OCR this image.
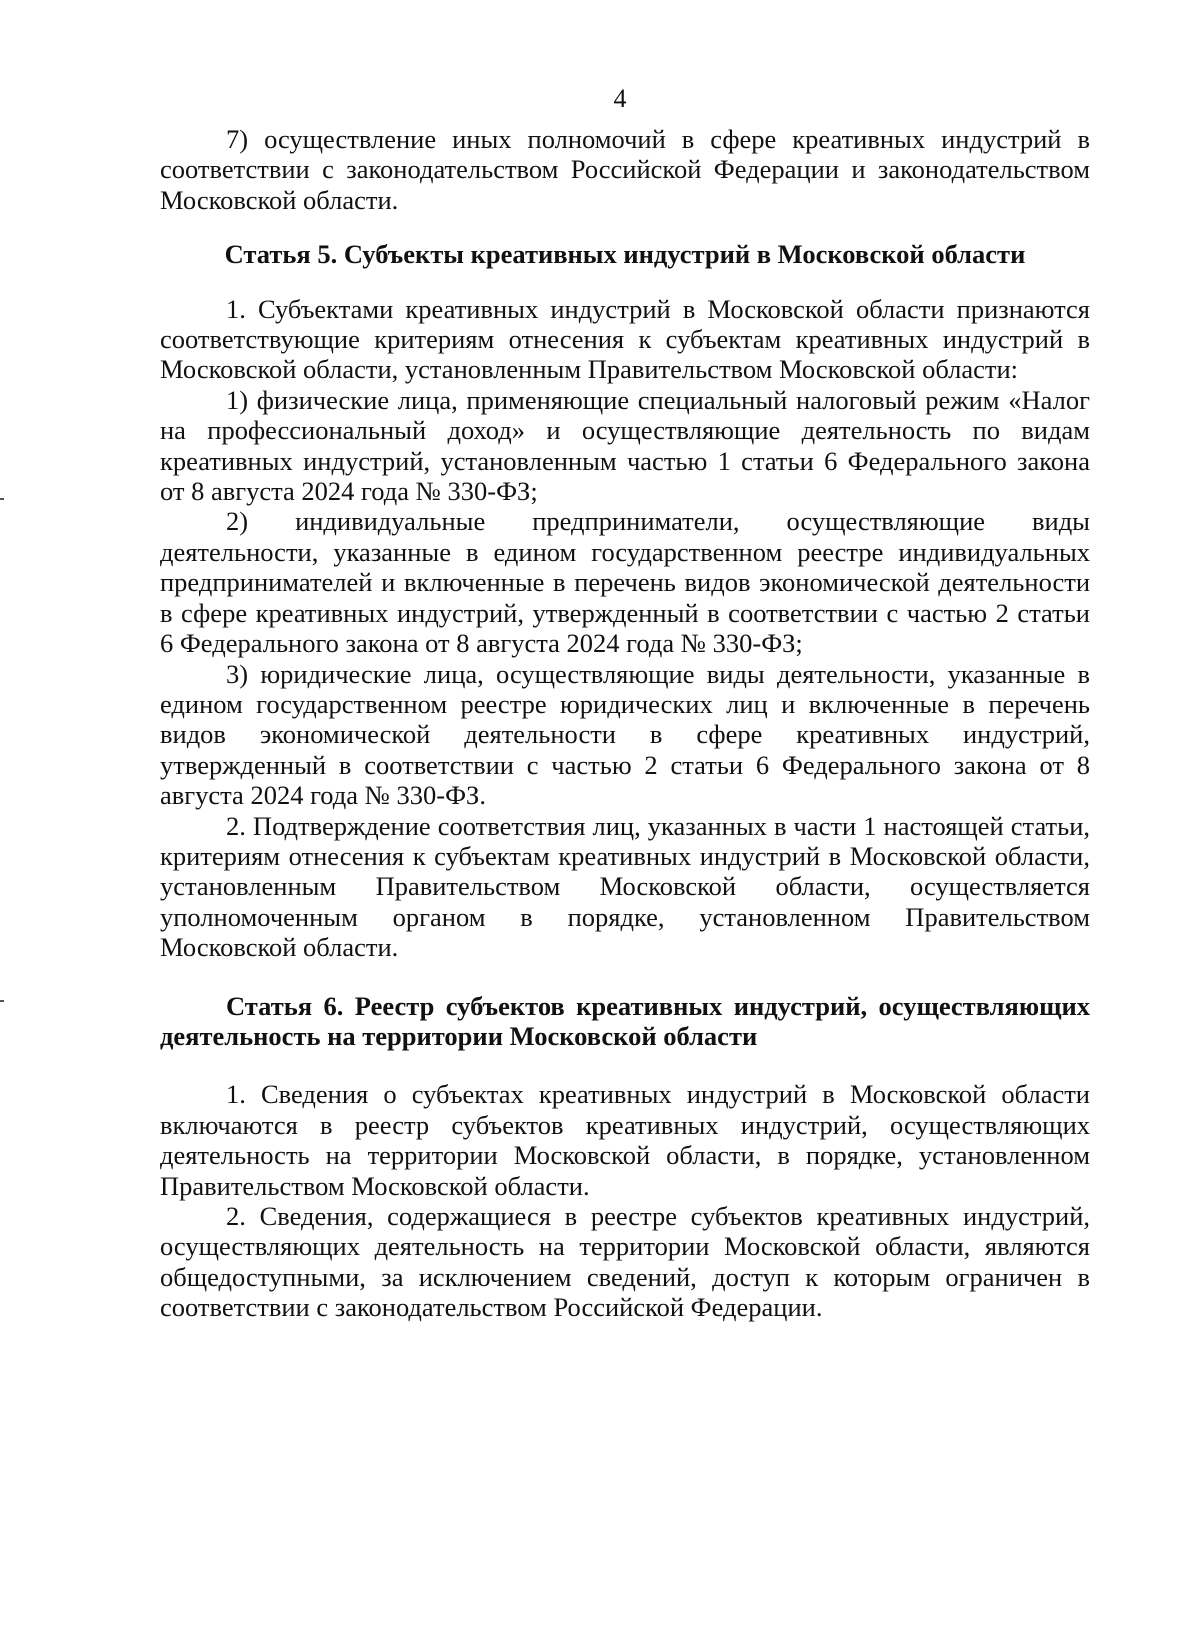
4

7) осуществление иных полномочий в сфере креативных индустрий в соответствии с законодательством Российской Федерации и законодательством Московской области.

Статья 5. Субъекты креативных индустрий в Московской области

1. Субъектами креативных индустрий в Московской области признаются соответствующие критериям отнесения к субъектам креативных индустрий в Московской области, установленным Правительством Московской области:

1) физические лица, применяющие специальный налоговый режим «Налог на профессиональный доход» и осуществляющие деятельность по видам креативных индустрий, установленным частью 1 статьи 6 Федерального закона от 8 августа 2024 года № 330-ФЗ;

2) индивидуальные предприниматели, осуществляющие виды деятельности, указанные в едином государственном реестре индивидуальных предпринимателей и включенные в перечень видов экономической деятельности в сфере креативных индустрий, утвержденный в соответствии с частью 2 статьи 6 Федерального закона от 8 августа 2024 года № 330-ФЗ;

3) юридические лица, осуществляющие виды деятельности, указанные в едином государственном реестре юридических лиц и включенные в перечень видов экономической деятельности в сфере креативных индустрий, утвержденный в соответствии с частью 2 статьи 6 Федерального закона от 8 августа 2024 года № 330-ФЗ.

2. Подтверждение соответствия лиц, указанных в части 1 настоящей статьи, критериям отнесения к субъектам креативных индустрий в Московской области, установленным Правительством Московской области, осуществляется уполномоченным органом в порядке, установленном Правительством Московской области.

Статья 6. Реестр субъектов креативных индустрий, осуществляющих деятельность на территории Московской области

1. Сведения о субъектах креативных индустрий в Московской области включаются в реестр субъектов креативных индустрий, осуществляющих деятельность на территории Московской области, в порядке, установленном Правительством Московской области.

2. Сведения, содержащиеся в реестре субъектов креативных индустрий, осуществляющих деятельность на территории Московской области, являются общедоступными, за исключением сведений, доступ к которым ограничен в соответствии с законодательством Российской Федерации.
